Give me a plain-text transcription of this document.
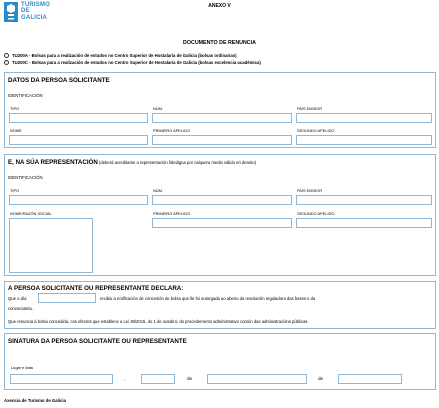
TURISMO
DE
GALICIA
ANEXO V
DOCUMENTO DE RENUNCIA
TU200A - Bolsas para a realización de estudos no Centro Superior de Hostalaría de Galicia (bolsas ordinarias)
TU200C - Bolsas para a realización de estudos no Centro Superior de Hostalaría de Galicia (bolsas excelencia académica)
DATOS DA PERSOA SOLICITANTE
IDENTIFICACIÓN
TIPO	NÚM.	PAÍS EMISOR
NOME	PRIMEIRO APELIDO	SEGUNDO APELIDO
E, NA SÚA REPRESENTACIÓN (deberá acreditarse a representación fidedigna por calquera medio válido en dereito)
IDENTIFICACIÓN
TIPO	NÚM.	PAÍS EMISOR
NOME/RAZÓN SOCIAL	PRIMEIRO APELIDO	SEGUNDO APELIDO
A PERSOA SOLICITANTE OU REPRESENTANTE DECLARA:
Que o día	recibiu a notificación de concesión de bolsa que lle foi outorgada ao abeiro da resolución reguladora das bases e da
convocatoria.
Que renuncia á bolsa concedida, cos efectos que establece a Lei 39/2015, do 1 de outubro, do procedemento administrativo común das administracións públicas.
SINATURA DA PERSOA SOLICITANTE OU REPRESENTANTE
Lugar e data
,	de	de
Axencia de Turismo de Galicia
